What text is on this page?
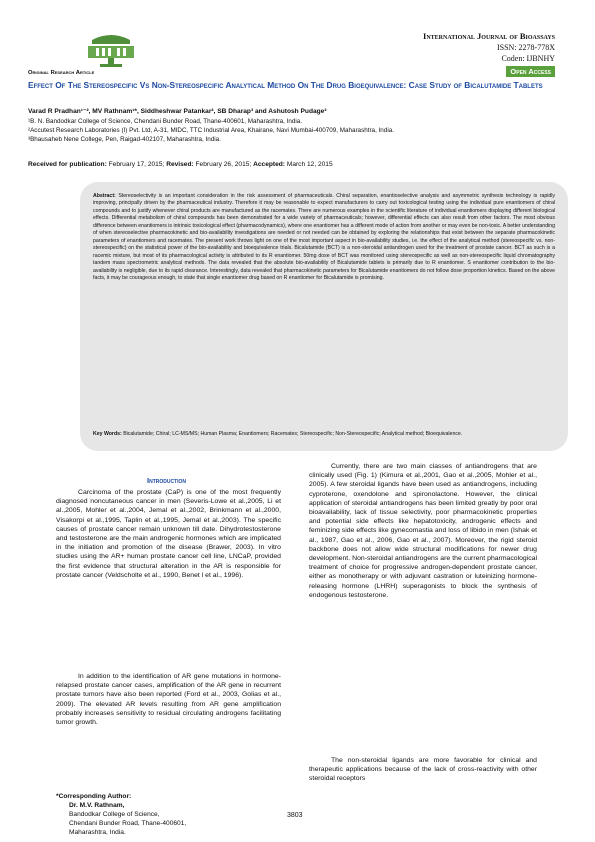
International Journal of Bioassays
ISSN: 2278-778X
Coden: IJBNHY
Open Access
Original Research Article
Effect Of The Stereospecific Vs Non-Stereospecific Analytical Method On The Drug Bioequivalence: Case Study of Bicalutamide Tablets
Varad R Pradhan¹⁻², MV Rathnam¹*, Siddheshwar Patankar², SB Dharap³ and Ashutosh Pudage²
¹B. N. Bandodkar College of Science, Chendani Bunder Road, Thane-400601, Maharashtra, India.
²Accutest Research Laboratories (I) Pvt. Ltd, A-31, MIDC, TTC Industrial Area, Khairane, Navi Mumbai-400709, Maharashtra, India.
³Bhausaheb Nene College, Pen, Raigad-402107, Maharashtra, India.
Received for publication: February 17, 2015; Revised: February 26, 2015; Accepted: March 12, 2015
Abstract: Stereoselectivity is an important consideration in the risk assessment of pharmaceuticals. Chiral separation, enantioselective analysis and asymmetric synthesis technology is rapidly improving, principally driven by the pharmaceutical industry. Therefore it may be reasonable to expect manufacturers to carry out toxicological testing using the individual pure enantiomers of chiral compounds and to justify whenever chiral products are manufactured as the racemates. There are numerous examples in the scientific literature of individual enantiomers displaying different biological effects. Differential metabolism of chiral compounds has been demonstrated for a wide variety of pharmaceuticals; however, differential effects can also result from other factors. The most obvious difference between enantiomers is intrinsic toxicological effect (pharmacodynamics), where one enantiomer has a different mode of action from another or may even be non-toxic. A better understanding of when stereoselective pharmacokinetic and bio-availability investigations are needed or not needed can be obtained by exploring the relationships that exist between the separate pharmacokinetic parameters of enantiomers and racemates. The present work throws light on one of the most important aspect in bio-availability studies, i.e. the effect of the analytical method (stereospecific vs. non-stereospecific) on the statistical power of the bio-availability and bioequivalence trials. Bicalutamide (BCT) is a non-steroidal antiandrogen used for the treatment of prostate cancer. BCT as such is a racemic mixture, but most of its pharmacological activity is attributed to its R enantiomer. 50mg dose of BCT was monitored using stereospecific as well as non-stereospecific liquid chromatography tandem mass spectrometric analytical methods. The data revealed that the absolute bio-availability of Bicalutamide tablets is primarily due to R enantiomer. S enantiomer contribution to the bio-availability is negligible, due to its rapid clearance. Interestingly, data revealed that pharmacokinetic parameters for Bicalutamide enantiomers do not follow dose proportion kinetics. Based on the above facts, it may be courageous enough, to state that single enantiomer drug based on R enantiomer for Bicalutamide is promising.
Key Words: Bicalutamide; Chiral; LC-MS/MS; Human Plasma; Enantiomers; Racemates; Stereospecific; Non-Stereospecific; Analytical method; Bioequivalence.
Introduction

Carcinoma of the prostate (CaP) is one of the most frequently diagnosed noncutaneous cancer in men (Severis-Lowe et al.,2005, Li et al.,2005, Mohler et al.,2004, Jemal et al.,2002, Brinkmann et al.,2000, Visakorpi et al.,1995, Taplin et al.,1995, Jemal et al.,2003). The specific causes of prostate cancer remain unknown till date. Dihydrotestosterone and testosterone are the main androgenic hormones which are implicated in the initiation and promotion of the disease (Brawer, 2003). In vitro studies using the AR+ human prostate cancer cell line, LNCaP, provided the first evidence that structural alteration in the AR is responsible for prostate cancer (Veldscholte et al., 1990, Benet l et al., 1996).

In addition to the identification of AR gene mutations in hormone-relapsed prostate cancer cases, amplification of the AR gene in recurrent prostate tumors have also been reported (Ford et al., 2003, Golias et al., 2009). The elevated AR levels resulting from AR gene amplification probably increases sensitivity to residual circulating androgens facilitating tumor growth.

Currently, there are two main classes of antiandrogens that are clinically used (Fig. 1) (Kimura et al.,2001, Gao et al.,2005, Mohler et al., 2005). A few steroidal ligands have been used as antiandrogens, including cyproterone, oxendolone and spironolactone. However, the clinical application of steroidal antiandrogens has been limited greatly by poor oral bioavailability, lack of tissue selectivity, poor pharmacokinetic properties and potential side effects like hepatotoxicity, androgenic effects and feminizing side effects like gynecomastia and loss of libido in men (Ishak et al., 1987, Gao et al., 2006, Gao et al., 2007). Moreover, the rigid steroid backbone does not allow wide structural modifications for newer drug development. Non-steroidal antiandrogens are the current pharmacological treatment of choice for progressive androgen-dependent prostate cancer, either as monotherapy or with adjuvant castration or luteinizing hormone-releasing hormone (LHRH) superagonists to block the synthesis of endogenous testosterone.

The non-steroidal ligands are more favorable for clinical and therapeutic applications because of the lack of cross-reactivity with other steroidal receptors

*Corresponding Author:
Dr. M.V. Rathnam,
Bandodkar College of Science,
Chendani Bunder Road, Thane-400601,
Maharashtra, India.
3803
